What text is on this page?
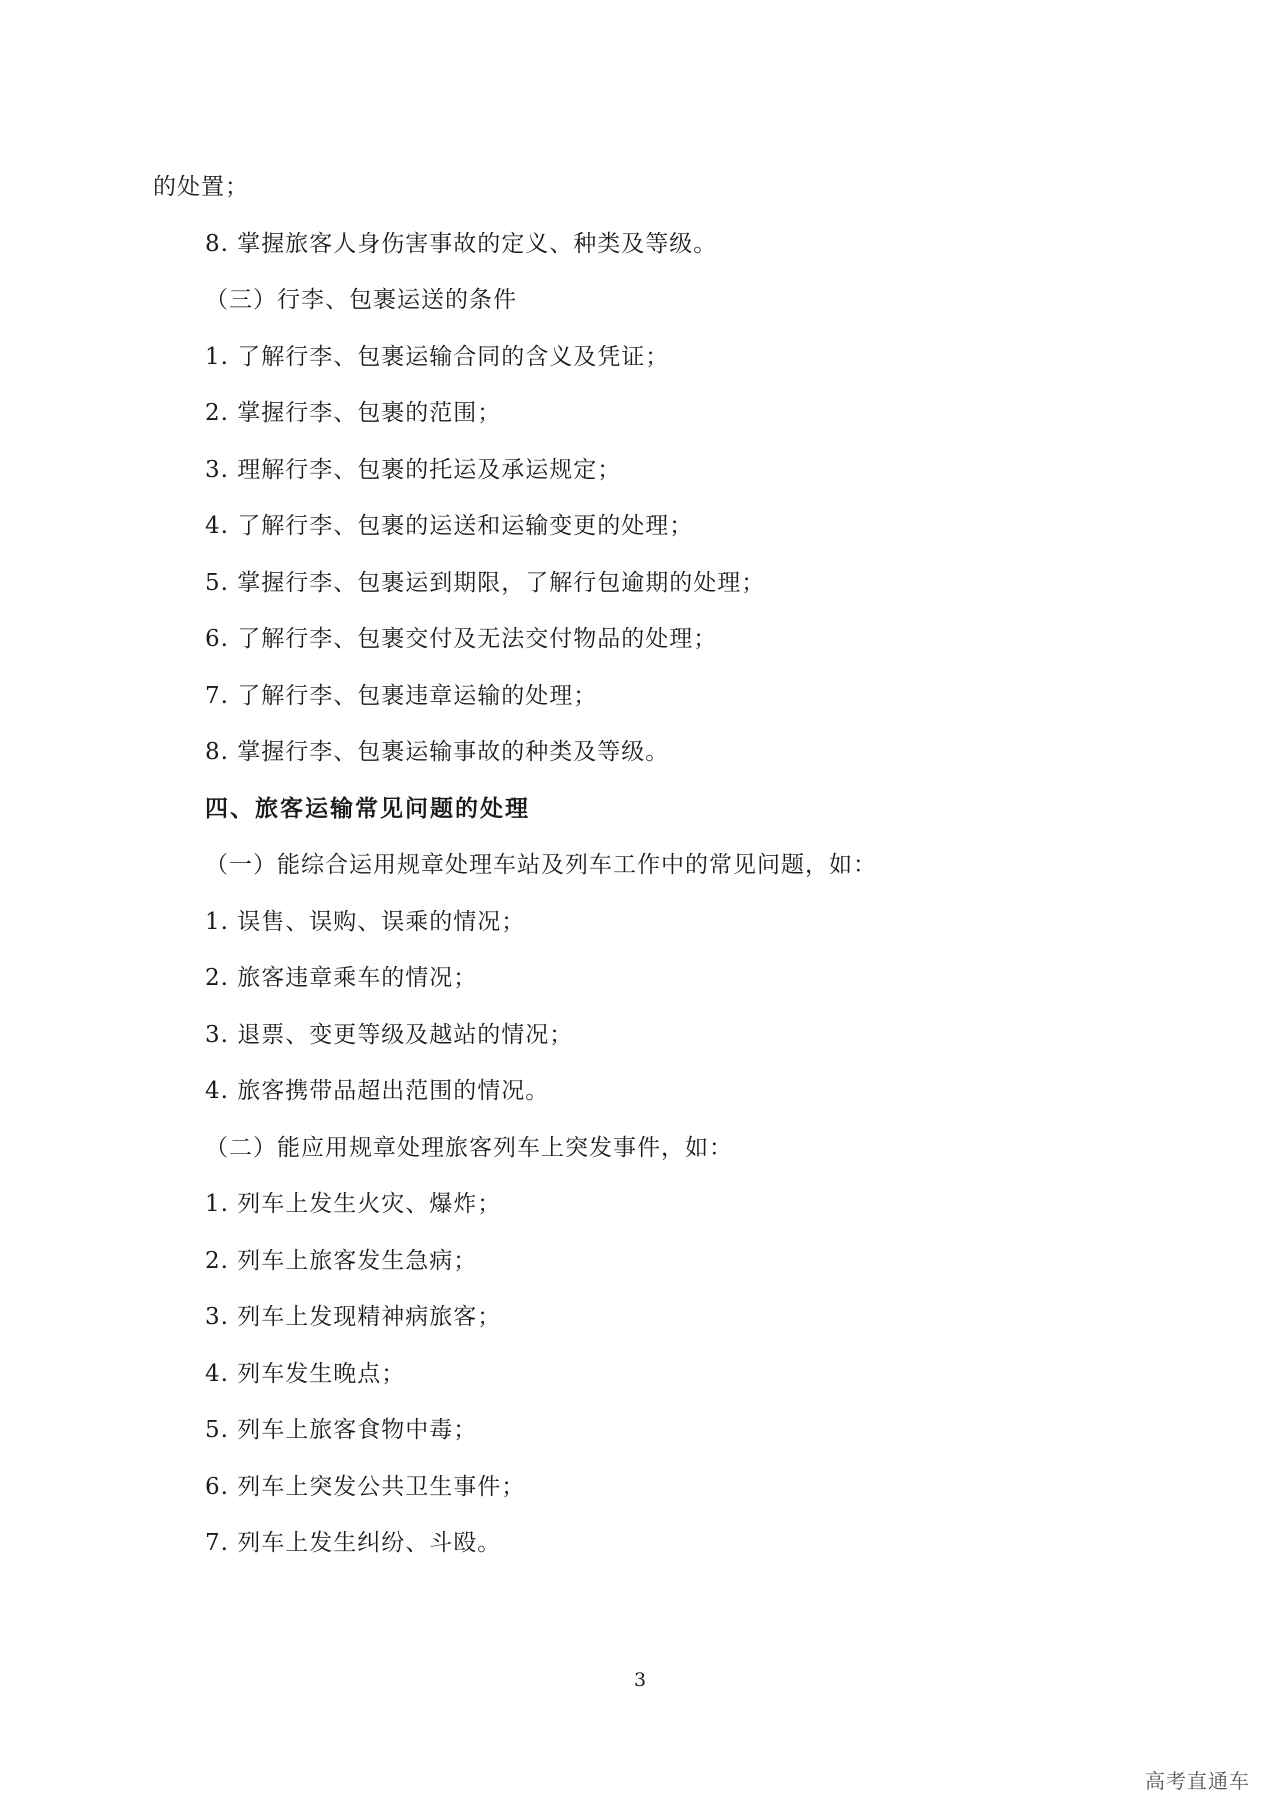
的处置；
8. 掌握旅客人身伤害事故的定义、种类及等级。
（三）行李、包裹运送的条件
1. 了解行李、包裹运输合同的含义及凭证；
2. 掌握行李、包裹的范围；
3. 理解行李、包裹的托运及承运规定；
4. 了解行李、包裹的运送和运输变更的处理；
5. 掌握行李、包裹运到期限，了解行包逾期的处理；
6. 了解行李、包裹交付及无法交付物品的处理；
7. 了解行李、包裹违章运输的处理；
8. 掌握行李、包裹运输事故的种类及等级。
四、旅客运输常见问题的处理
（一）能综合运用规章处理车站及列车工作中的常见问题，如：
1. 误售、误购、误乘的情况；
2. 旅客违章乘车的情况；
3. 退票、变更等级及越站的情况；
4. 旅客携带品超出范围的情况。
（二）能应用规章处理旅客列车上突发事件，如：
1. 列车上发生火灾、爆炸；
2. 列车上旅客发生急病；
3. 列车上发现精神病旅客；
4. 列车发生晚点；
5. 列车上旅客食物中毒；
6. 列车上突发公共卫生事件；
7. 列车上发生纠纷、斗殴。
3
高考直通车
